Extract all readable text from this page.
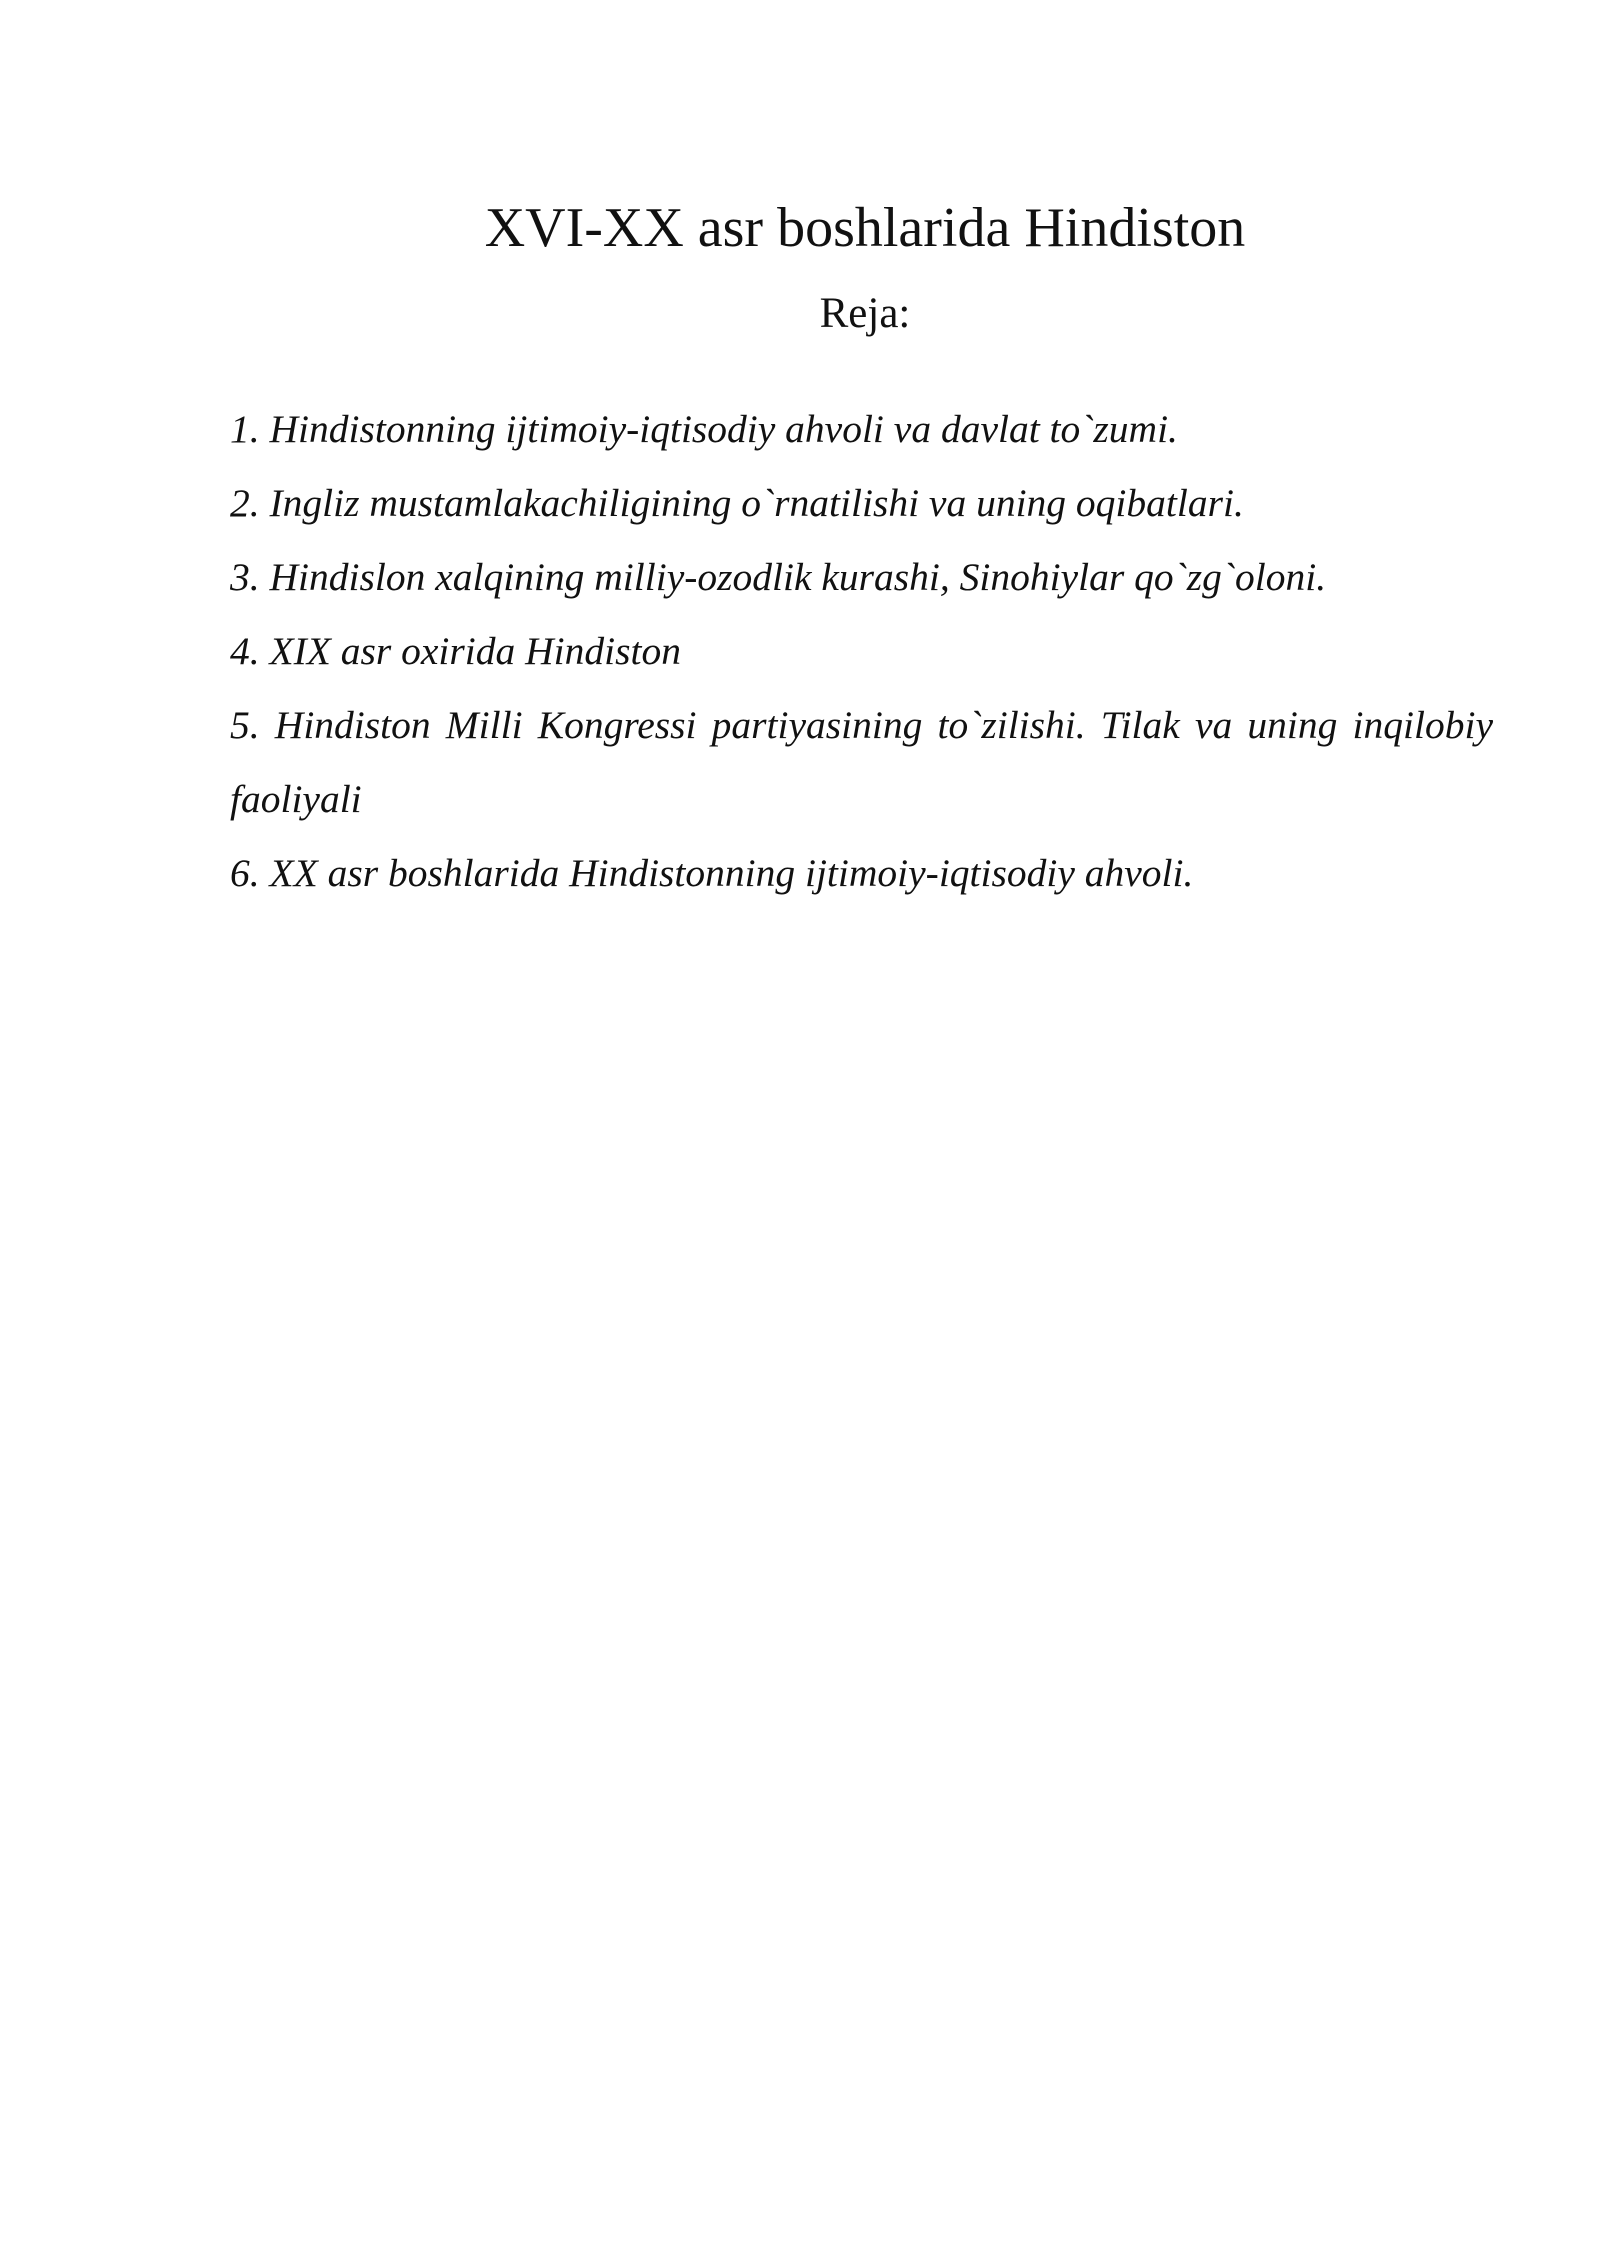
XVI-XX asr boshlarida Hindiston
Reja:
1. Hindistonning ijtimoiy-iqtisodiy ahvoli va davlat to`zumi.
2. Ingliz mustamlakachiligining o`rnatilishi va uning oqibatlari.
3. Hindislon xalqining milliy-ozodlik kurashi, Sinohiylar qo`zg`oloni.
4. XIX asr oxirida Hindiston
5. Hindiston Milli Kongressi partiyasining to`zilishi. Tilak va uning inqilobiy faoliyali
6. XX asr boshlarida Hindistonning ijtimoiy-iqtisodiy ahvoli.
